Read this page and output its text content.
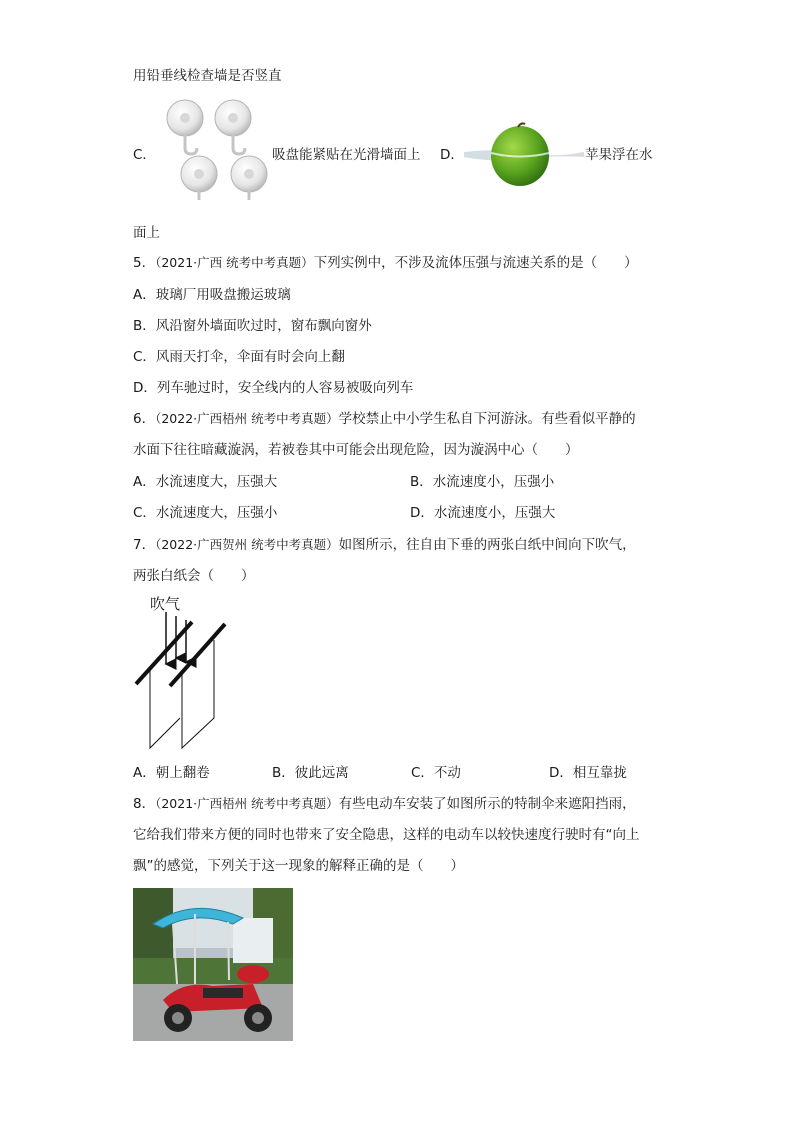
用铅垂线检查墙是否竖直
C．	吸盘能紧贴在光滑墙面上 D．	苹果浮在水
面上
5．（2021·广西 统考中考真题）下列实例中，不涉及流体压强与流速关系的是（　　）
A．玻璃厂用吸盘搬运玻璃
B．风沿窗外墙面吹过时，窗布飘向窗外
C．风雨天打伞，伞面有时会向上翻
D．列车驰过时，安全线内的人容易被吸向列车
6．（2022·广西梧州 统考中考真题）学校禁止中小学生私自下河游泳。有些看似平静的
水面下往往暗藏漩涡，若被卷其中可能会出现危险，因为漩涡中心（　　）
A．水流速度大，压强大	B．水流速度小，压强小
C．水流速度大，压强小	D．水流速度小，压强大
7．（2022·广西贺州 统考中考真题）如图所示，往自由下垂的两张白纸中间向下吹气，
两张白纸会（　　）
吹气
A．朝上翻卷	B．彼此远离	C．不动	D．相互靠拢
8．（2021·广西梧州 统考中考真题）有些电动车安装了如图所示的特制伞来遮阳挡雨，
它给我们带来方便的同时也带来了安全隐患，这样的电动车以较快速度行驶时有“向上
飘”的感觉，下列关于这一现象的解释正确的是（　　）
